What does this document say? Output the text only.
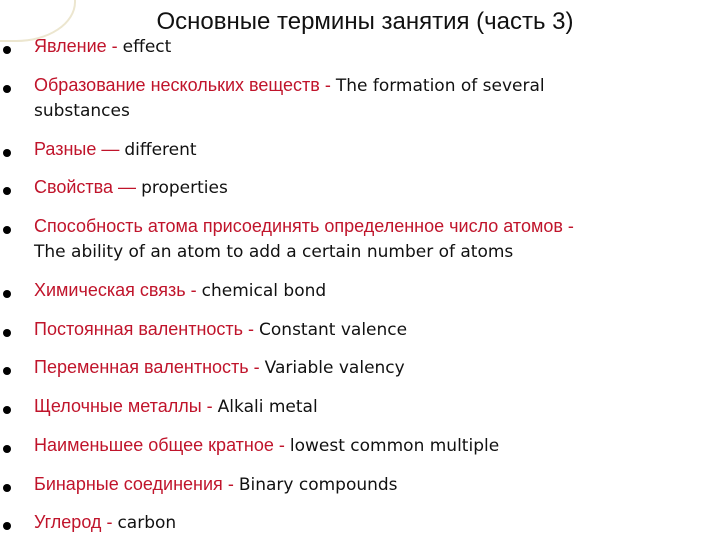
Основные термины занятия (часть 3)
Явление - effect
Образование нескольких веществ - The formation of several
substances
Разные — different
Свойства — properties
Способность атома присоединять определенное число атомов -
The ability of an atom to add a certain number of atoms
Химическая связь - chemical bond
Постоянная валентность - Constant valence
Переменная валентность - Variable valency
Щелочные металлы - Alkali metal
Наименьшее общее кратное - lowest common multiple
Бинарные соединения - Binary compounds
Углерод - carbon
